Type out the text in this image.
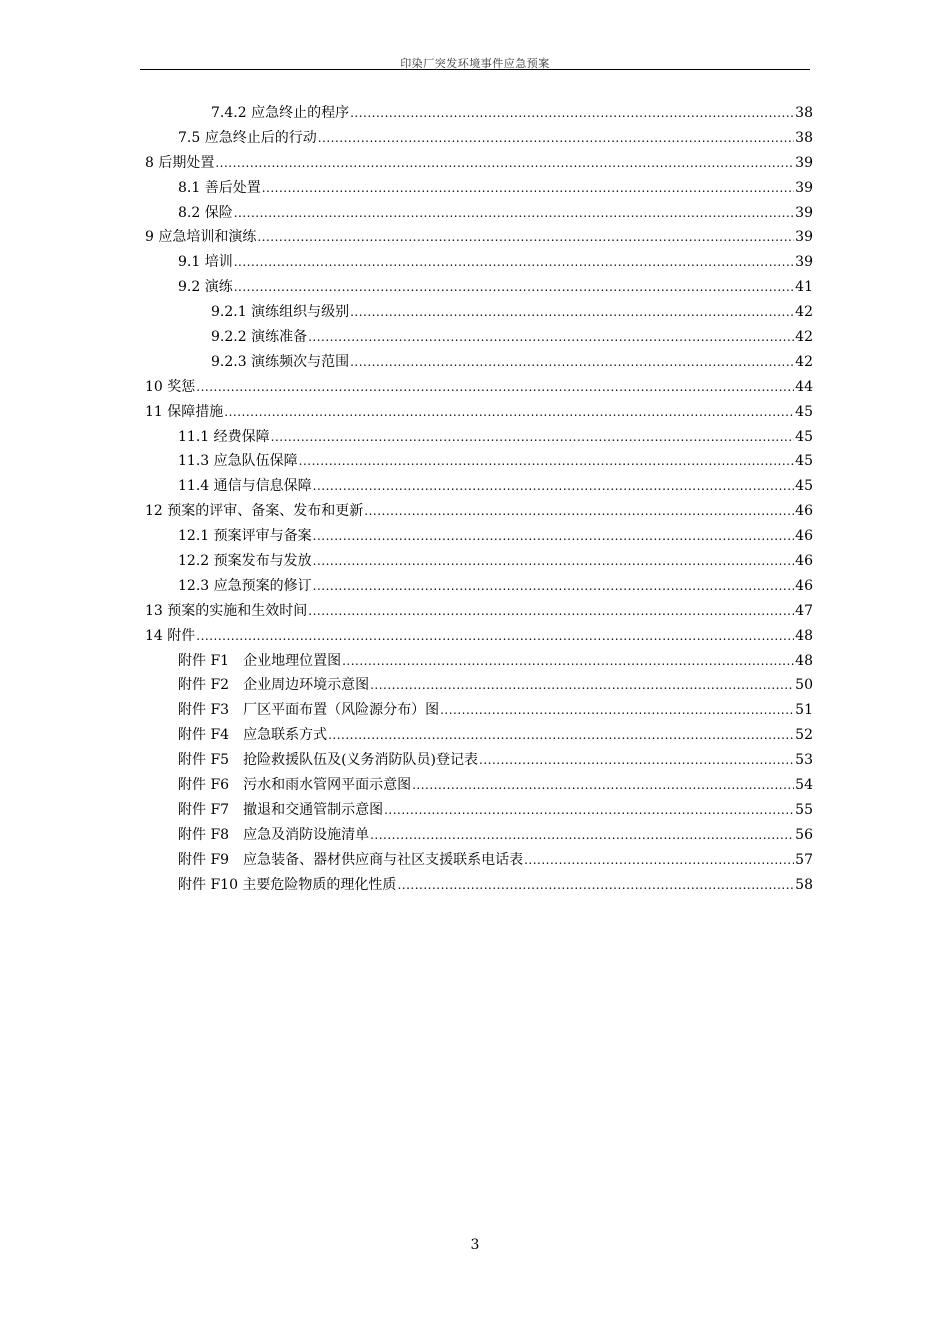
印染厂突发环境事件应急预案
7.4.2 应急终止的程序 .....	38
7.5 应急终止后的行动 .....	38
8 后期处置 .....	39
8.1 善后处置 .....	39
8.2 保险 .....	39
9 应急培训和演练 .....	39
9.1 培训 .....	39
9.2 演练 .....	41
9.2.1 演练组织与级别 .....	42
9.2.2 演练准备 .....	42
9.2.3 演练频次与范围 .....	42
10 奖惩 .....	44
11 保障措施 .....	45
11.1 经费保障 .....	45
11.3 应急队伍保障 .....	45
11.4 通信与信息保障 .....	45
12 预案的评审、备案、发布和更新 .....	46
12.1 预案评审与备案 .....	46
12.2 预案发布与发放 .....	46
12.3 应急预案的修订 .....	46
13 预案的实施和生效时间 .....	47
14 附件 .....	48
附件 F1　企业地理位置图 .....	48
附件 F2　企业周边环境示意图 .....	50
附件 F3　厂区平面布置（风险源分布）图 .....	51
附件 F4　应急联系方式 .....	52
附件 F5　抢险救援队伍及(义务消防队员)登记表 .....	53
附件 F6　污水和雨水管网平面示意图 .....	54
附件 F7　撤退和交通管制示意图 .....	55
附件 F8　应急及消防设施清单 .....	56
附件 F9　应急装备、器材供应商与社区支援联系电话表 .....	57
附件 F10 主要危险物质的理化性质 .....	58
3
